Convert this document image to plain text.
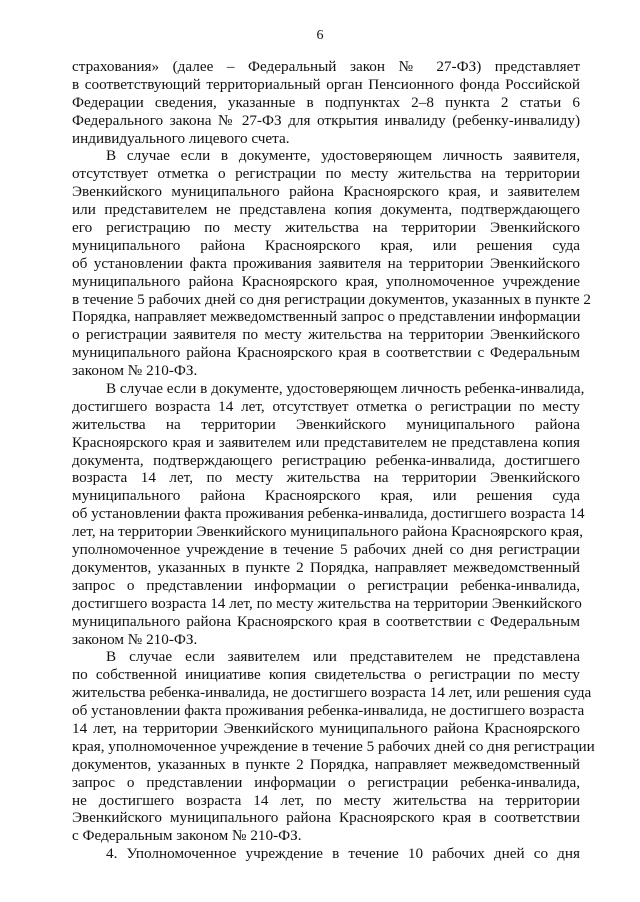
6
страхования» (далее – Федеральный закон № 27-ФЗ) представляет
в соответствующий территориальный орган Пенсионного фонда Российской
Федерации сведения, указанные в подпунктах 2–8 пункта 2 статьи 6
Федерального закона № 27-ФЗ для открытия инвалиду (ребенку-инвалиду)
индивидуального лицевого счета.
В случае если в документе, удостоверяющем личность заявителя,
отсутствует отметка о регистрации по месту жительства на территории
Эвенкийского муниципального района Красноярского края, и заявителем
или представителем не представлена копия документа, подтверждающего
его регистрацию по месту жительства на территории Эвенкийского
муниципального района Красноярского края, или решения суда
об установлении факта проживания заявителя на территории Эвенкийского
муниципального района Красноярского края, уполномоченное учреждение
в течение 5 рабочих дней со дня регистрации документов, указанных в пункте 2
Порядка, направляет межведомственный запрос о представлении информации
о регистрации заявителя по месту жительства на территории Эвенкийского
муниципального района Красноярского края в соответствии с Федеральным
законом № 210-ФЗ.
В случае если в документе, удостоверяющем личность ребенка-инвалида,
достигшего возраста 14 лет, отсутствует отметка о регистрации по месту
жительства на территории Эвенкийского муниципального района
Красноярского края и заявителем или представителем не представлена копия
документа, подтверждающего регистрацию ребенка-инвалида, достигшего
возраста 14 лет, по месту жительства на территории Эвенкийского
муниципального района Красноярского края, или решения суда
об установлении факта проживания ребенка-инвалида, достигшего возраста 14
лет, на территории Эвенкийского муниципального района Красноярского края,
уполномоченное учреждение в течение 5 рабочих дней со дня регистрации
документов, указанных в пункте 2 Порядка, направляет межведомственный
запрос о представлении информации о регистрации ребенка-инвалида,
достигшего возраста 14 лет, по месту жительства на территории Эвенкийского
муниципального района Красноярского края в соответствии с Федеральным
законом № 210-ФЗ.
В случае если заявителем или представителем не представлена
по собственной инициативе копия свидетельства о регистрации по месту
жительства ребенка-инвалида, не достигшего возраста 14 лет, или решения суда
об установлении факта проживания ребенка-инвалида, не достигшего возраста
14 лет, на территории Эвенкийского муниципального района Красноярского
края, уполномоченное учреждение в течение 5 рабочих дней со дня регистрации
документов, указанных в пункте 2 Порядка, направляет межведомственный
запрос о представлении информации о регистрации ребенка-инвалида,
не достигшего возраста 14 лет, по месту жительства на территории
Эвенкийского муниципального района Красноярского края в соответствии
с Федеральным законом № 210-ФЗ.
4. Уполномоченное учреждение в течение 10 рабочих дней со дня
